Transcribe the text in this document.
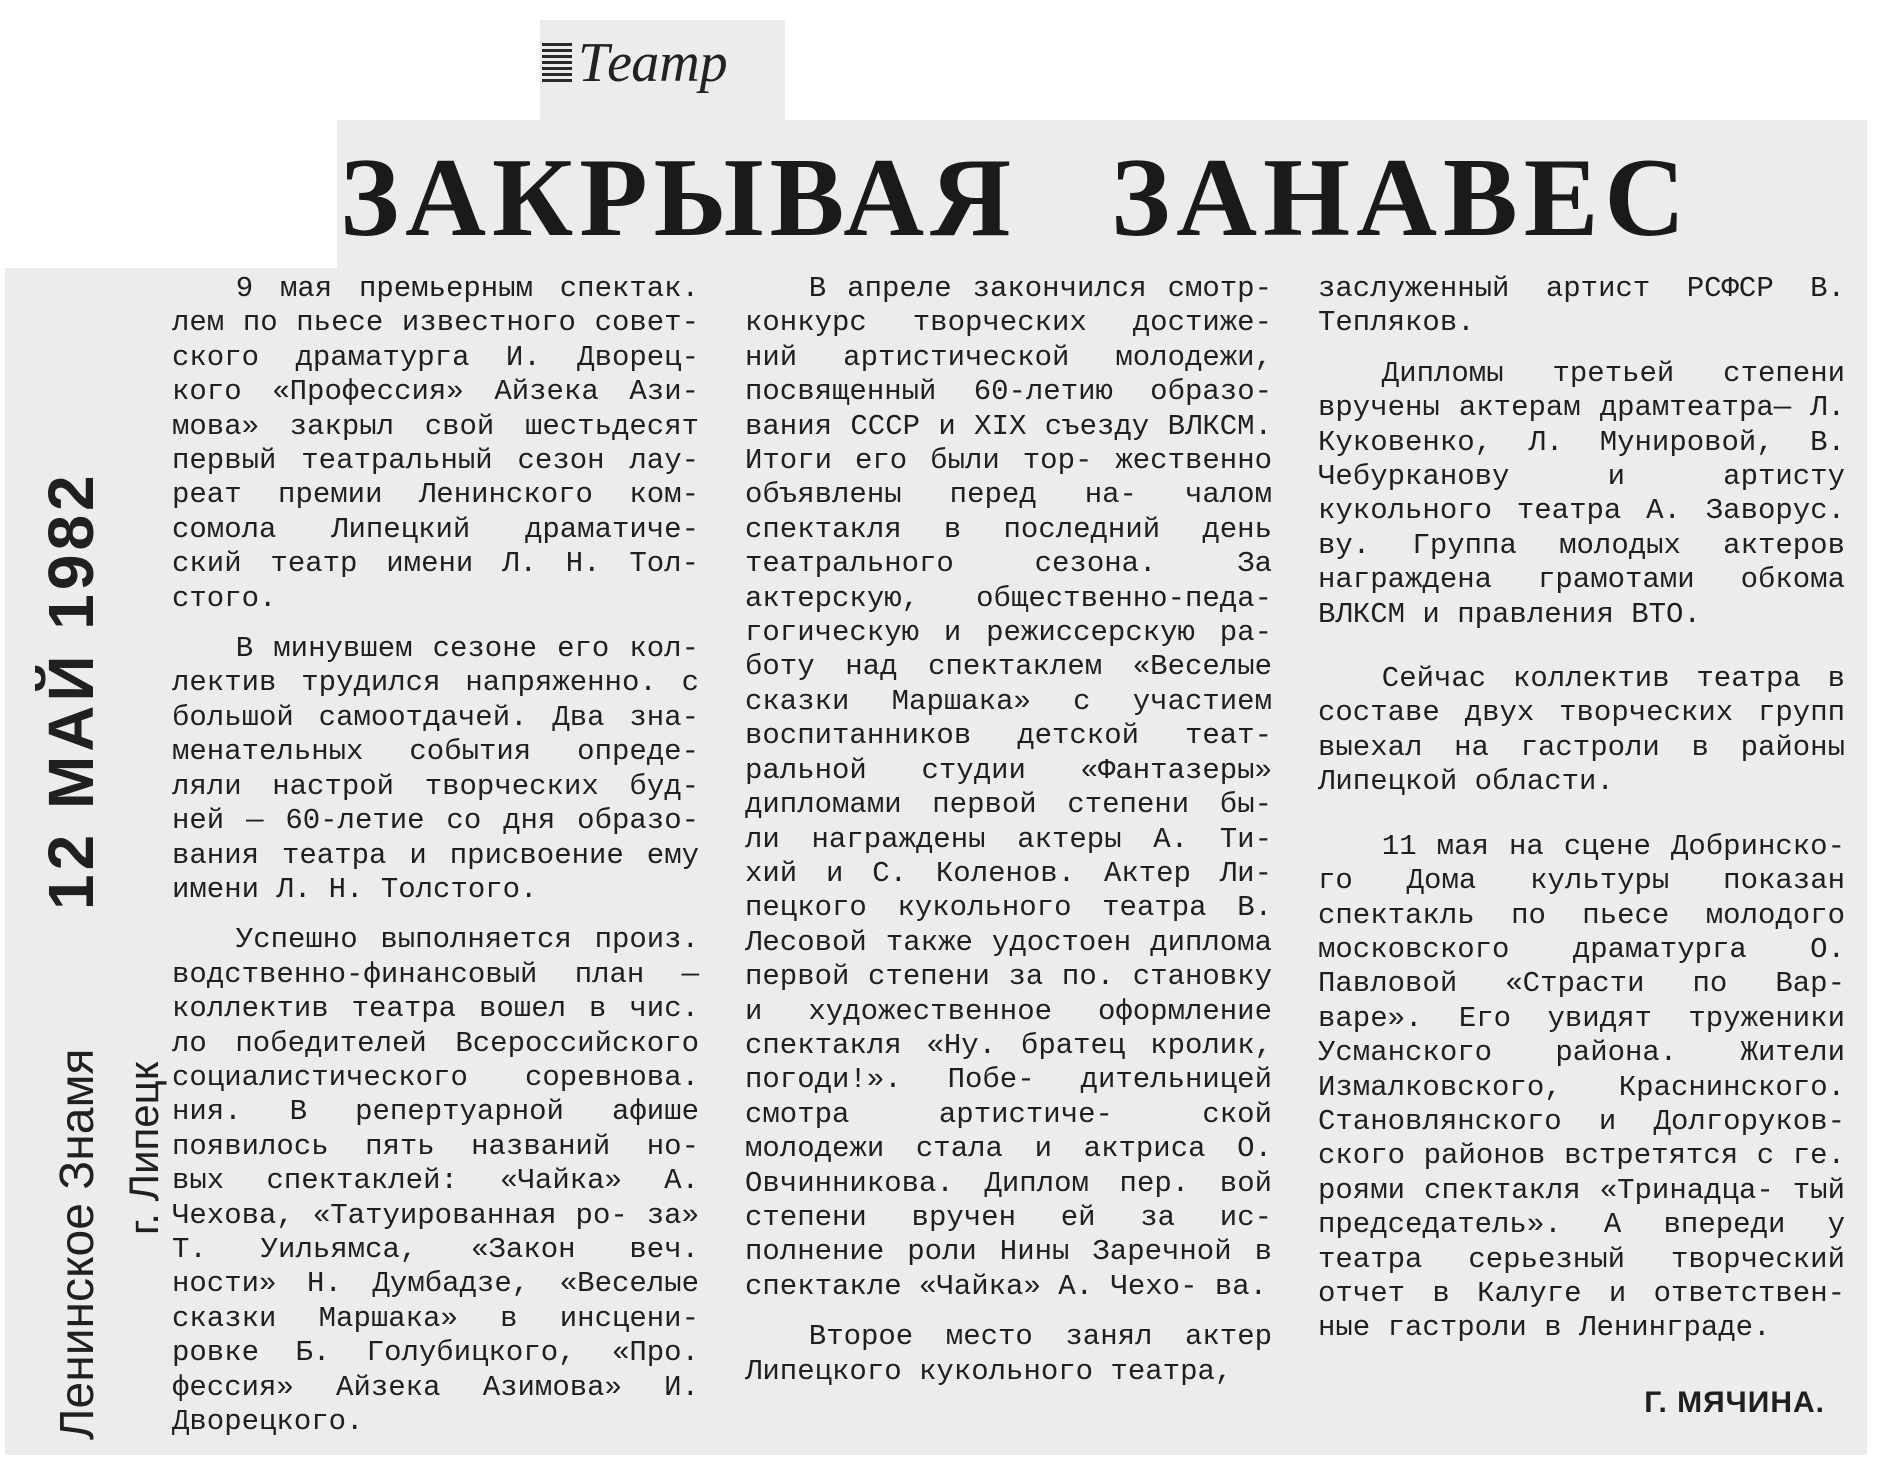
Театр
ЗАКРЫВАЯ ЗАНАВЕС
Ленинское Знамя
12 МАЙ 1982
г. Липецк

9 мая премьерным спектак. лем по пьесе известного совет- ского драматурга И. Дворец- кого «Профессия» Айзека Ази- мова» закрыл свой шестьдесят первый театральный сезон лау- реат премии Ленинского ком- сомола Липецкий драматиче- ский театр имени Л. Н. Тол- стого.

В минувшем сезоне его кол- лектив трудился напряженно. с большой самоотдачей. Два зна- менательных события опреде- ляли настрой творческих буд- ней — 60-летие со дня образо- вания театра и присвоение ему имени Л. Н. Толстого.

Успешно выполняется произ. водственно-финансовый план — коллектив театра вошел в чис. ло победителей Всероссийского социалистического соревнова. ния. В репертуарной афише появилось пять названий но- вых спектаклей: «Чайка» А. Чехова, «Татуированная ро- за» Т. Уильямса, «Закон веч. ности» Н. Думбадзе, «Веселые сказки Маршака» в инсцени- ровке Б. Голубицкого, «Про. фессия» Айзека Азимова» И. Дворецкого.

В апреле закончился смотр- конкурс творческих достиже- ний артистической молодежи, посвященный 60-летию образо- вания СССР и XIX съезду ВЛКСМ. Итоги его были тор- жественно объявлены перед на- чалом спектакля в последний день театрального сезона. За актерскую, общественно-педа- гогическую и режиссерскую ра- боту над спектаклем «Веселые сказки Маршака» с участием воспитанников детской теат- ральной студии «Фантазеры» дипломами первой степени бы- ли награждены актеры А. Ти- хий и С. Коленов. Актер Ли- пецкого кукольного театра В. Лесовой также удостоен диплома первой степени за по. становку и художественное оформление спектакля «Ну. братец кролик, погоди!». Побе- дительницей смотра артистиче- ской молодежи стала и актриса О. Овчинникова. Диплом пер. вой степени вручен ей за ис- полнение роли Нины Заречной в спектакле «Чайка» А. Чехо- ва.

Второе место занял актер Липецкого кукольного театра,

заслуженный артист РСФСР В. Тепляков.

Дипломы третьей степени вручены актерам драмтеатра— Л. Куковенко, Л. Мунировой, В. Чебурканову и артисту кукольного театра А. Заворус. ву. Группа молодых актеров награждена грамотами обкома ВЛКСМ и правления ВТО.

Сейчас коллектив театра в составе двух творческих групп выехал на гастроли в районы Липецкой области.

11 мая на сцене Добринско- го Дома культуры показан спектакль по пьесе молодого московского драматурга О. Павловой «Страсти по Вар- варе». Его увидят труженики Усманского района. Жители Измалковского, Краснинского. Становлянского и Долгоруков- ского районов встретятся с ге. роями спектакля «Тринадца- тый председатель». А впереди у театра серьезный творческий отчет в Калуге и ответствен- ные гастроли в Ленинграде.

Г. МЯЧИНА.
